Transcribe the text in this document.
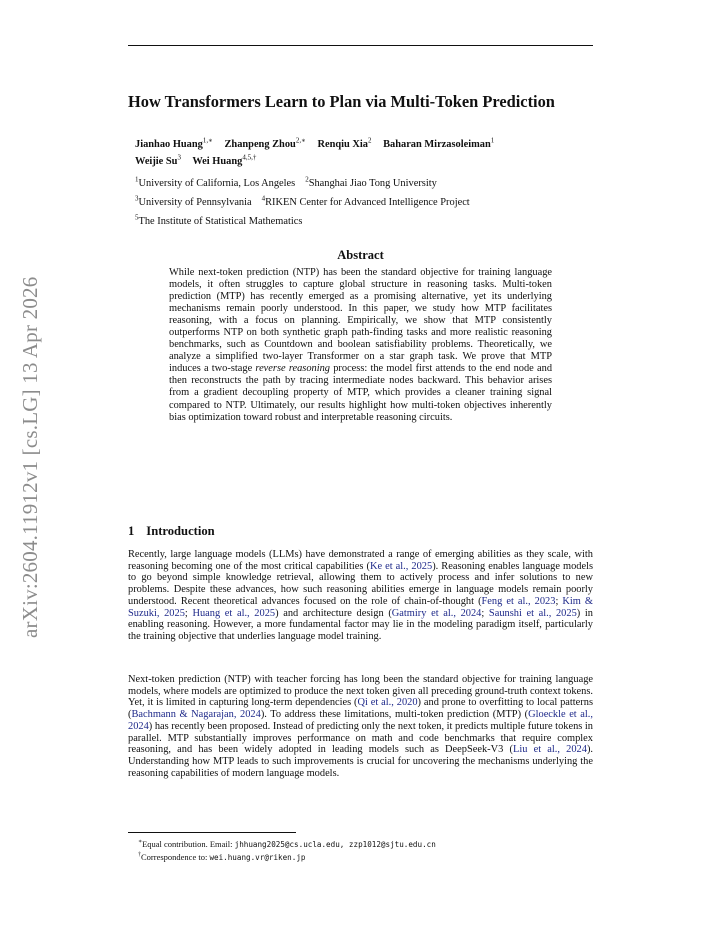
arXiv:2604.11912v1 [cs.LG] 13 Apr 2026
How Transformers Learn to Plan via Multi-Token Prediction
Jianhao Huang$^{1,∗}$ Zhanpeng Zhou$^{2,∗}$ Renqiu Xia$^2$ Baharan Mirzasoleiman$^1$
Weijie Su$^3$ Wei Huang$^{4,5,\dagger}$
$^1$University of California, Los Angeles $^2$Shanghai Jiao Tong University
$^3$University of Pennsylvania $^4$RIKEN Center for Advanced Intelligence Project
$^5$The Institute of Statistical Mathematics
Abstract

While next-token prediction (NTP) has been the standard objective for training language models, it often struggles to capture global structure in reasoning tasks. Multi-token prediction (MTP) has recently emerged as a promising alternative, yet its underlying mechanisms remain poorly understood. In this paper, we study how MTP facilitates reasoning, with a focus on planning. Empirically, we show that MTP consistently outperforms NTP on both synthetic graph path-finding tasks and more realistic reasoning benchmarks, such as Countdown and boolean satisfiability problems. Theoretically, we analyze a simplified two-layer Transformer on a star graph task. We prove that MTP induces a two-stage reverse reasoning process: the model first attends to the end node and then reconstructs the path by tracing intermediate nodes backward. This behavior arises from a gradient decoupling property of MTP, which provides a cleaner training signal compared to NTP. Ultimately, our results highlight how multi-token objectives inherently bias optimization toward robust and interpretable reasoning circuits.

1 Introduction

Recently, large language models (LLMs) have demonstrated a range of emerging abilities as they scale, with reasoning becoming one of the most critical capabilities (Ke et al., 2025). Reasoning enables language models to go beyond simple knowledge retrieval, allowing them to actively process and infer solutions to new problems. Despite these advances, how such reasoning abilities emerge in language models remain poorly understood. Recent theoretical advances focused on the role of chain-of-thought (Feng et al., 2023; Kim & Suzuki, 2025; Huang et al., 2025) and architecture design (Gatmiry et al., 2024; Saunshi et al., 2025) in enabling reasoning. However, a more fundamental factor may lie in the modeling paradigm itself, particularly the training objective that underlies language model training.

Next-token prediction (NTP) with teacher forcing has long been the standard objective for training language models, where models are optimized to produce the next token given all preceding ground-truth context tokens. Yet, it is limited in capturing long-term dependencies (Qi et al., 2020) and prone to overfitting to local patterns (Bachmann & Nagarajan, 2024). To address these limitations, multi-token prediction (MTP) (Gloeckle et al., 2024) has recently been proposed. Instead of predicting only the next token, it predicts multiple future tokens in parallel. MTP substantially improves performance on math and code benchmarks that require complex reasoning, and has been widely adopted in leading models such as DeepSeek-V3 (Liu et al., 2024). Understanding how MTP leads to such improvements is crucial for uncovering the mechanisms underlying the reasoning capabilities of modern language models.

∗Equal contribution. Email: jhhuang2025@cs.ucla.edu, zzp1012@sjtu.edu.cn
†Correspondence to: wei.huang.vr@riken.jp
